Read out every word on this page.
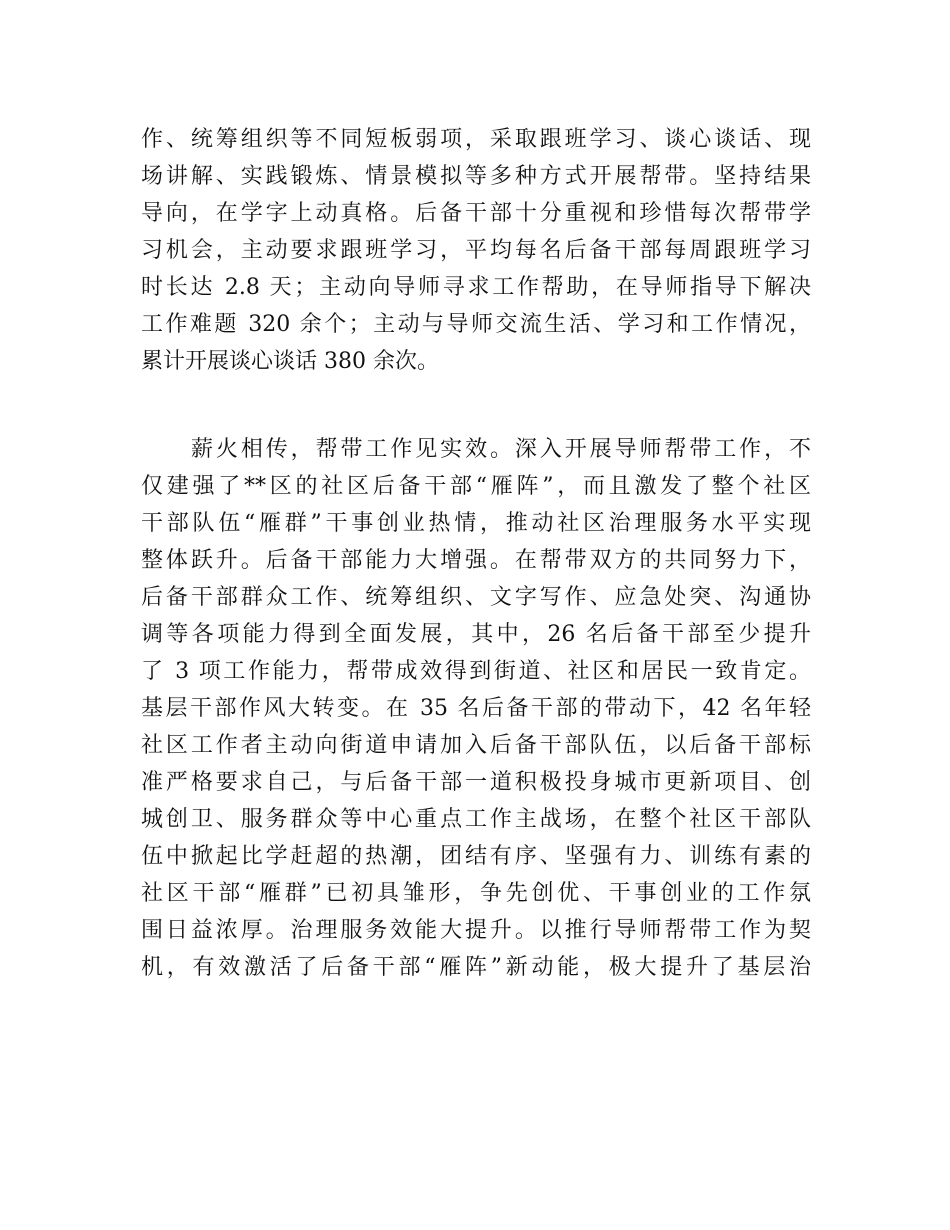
作、统筹组织等不同短板弱项，采取跟班学习、谈心谈话、现
场讲解、实践锻炼、情景模拟等多种方式开展帮带。坚持结果
导向，在学字上动真格。后备干部十分重视和珍惜每次帮带学
习机会，主动要求跟班学习，平均每名后备干部每周跟班学习
时长达 2.8 天；主动向导师寻求工作帮助，在导师指导下解决
工作难题 320 余个；主动与导师交流生活、学习和工作情况，
累计开展谈心谈话 380 余次。
薪火相传，帮带工作见实效。深入开展导师帮带工作，不
仅建强了**区的社区后备干部“雁阵”，而且激发了整个社区
干部队伍“雁群”干事创业热情，推动社区治理服务水平实现
整体跃升。后备干部能力大增强。在帮带双方的共同努力下，
后备干部群众工作、统筹组织、文字写作、应急处突、沟通协
调等各项能力得到全面发展，其中，26 名后备干部至少提升
了 3 项工作能力，帮带成效得到街道、社区和居民一致肯定。
基层干部作风大转变。在 35 名后备干部的带动下，42 名年轻
社区工作者主动向街道申请加入后备干部队伍，以后备干部标
准严格要求自己，与后备干部一道积极投身城市更新项目、创
城创卫、服务群众等中心重点工作主战场，在整个社区干部队
伍中掀起比学赶超的热潮，团结有序、坚强有力、训练有素的
社区干部“雁群”已初具雏形，争先创优、干事创业的工作氛
围日益浓厚。治理服务效能大提升。以推行导师帮带工作为契
机，有效激活了后备干部“雁阵”新动能，极大提升了基层治
